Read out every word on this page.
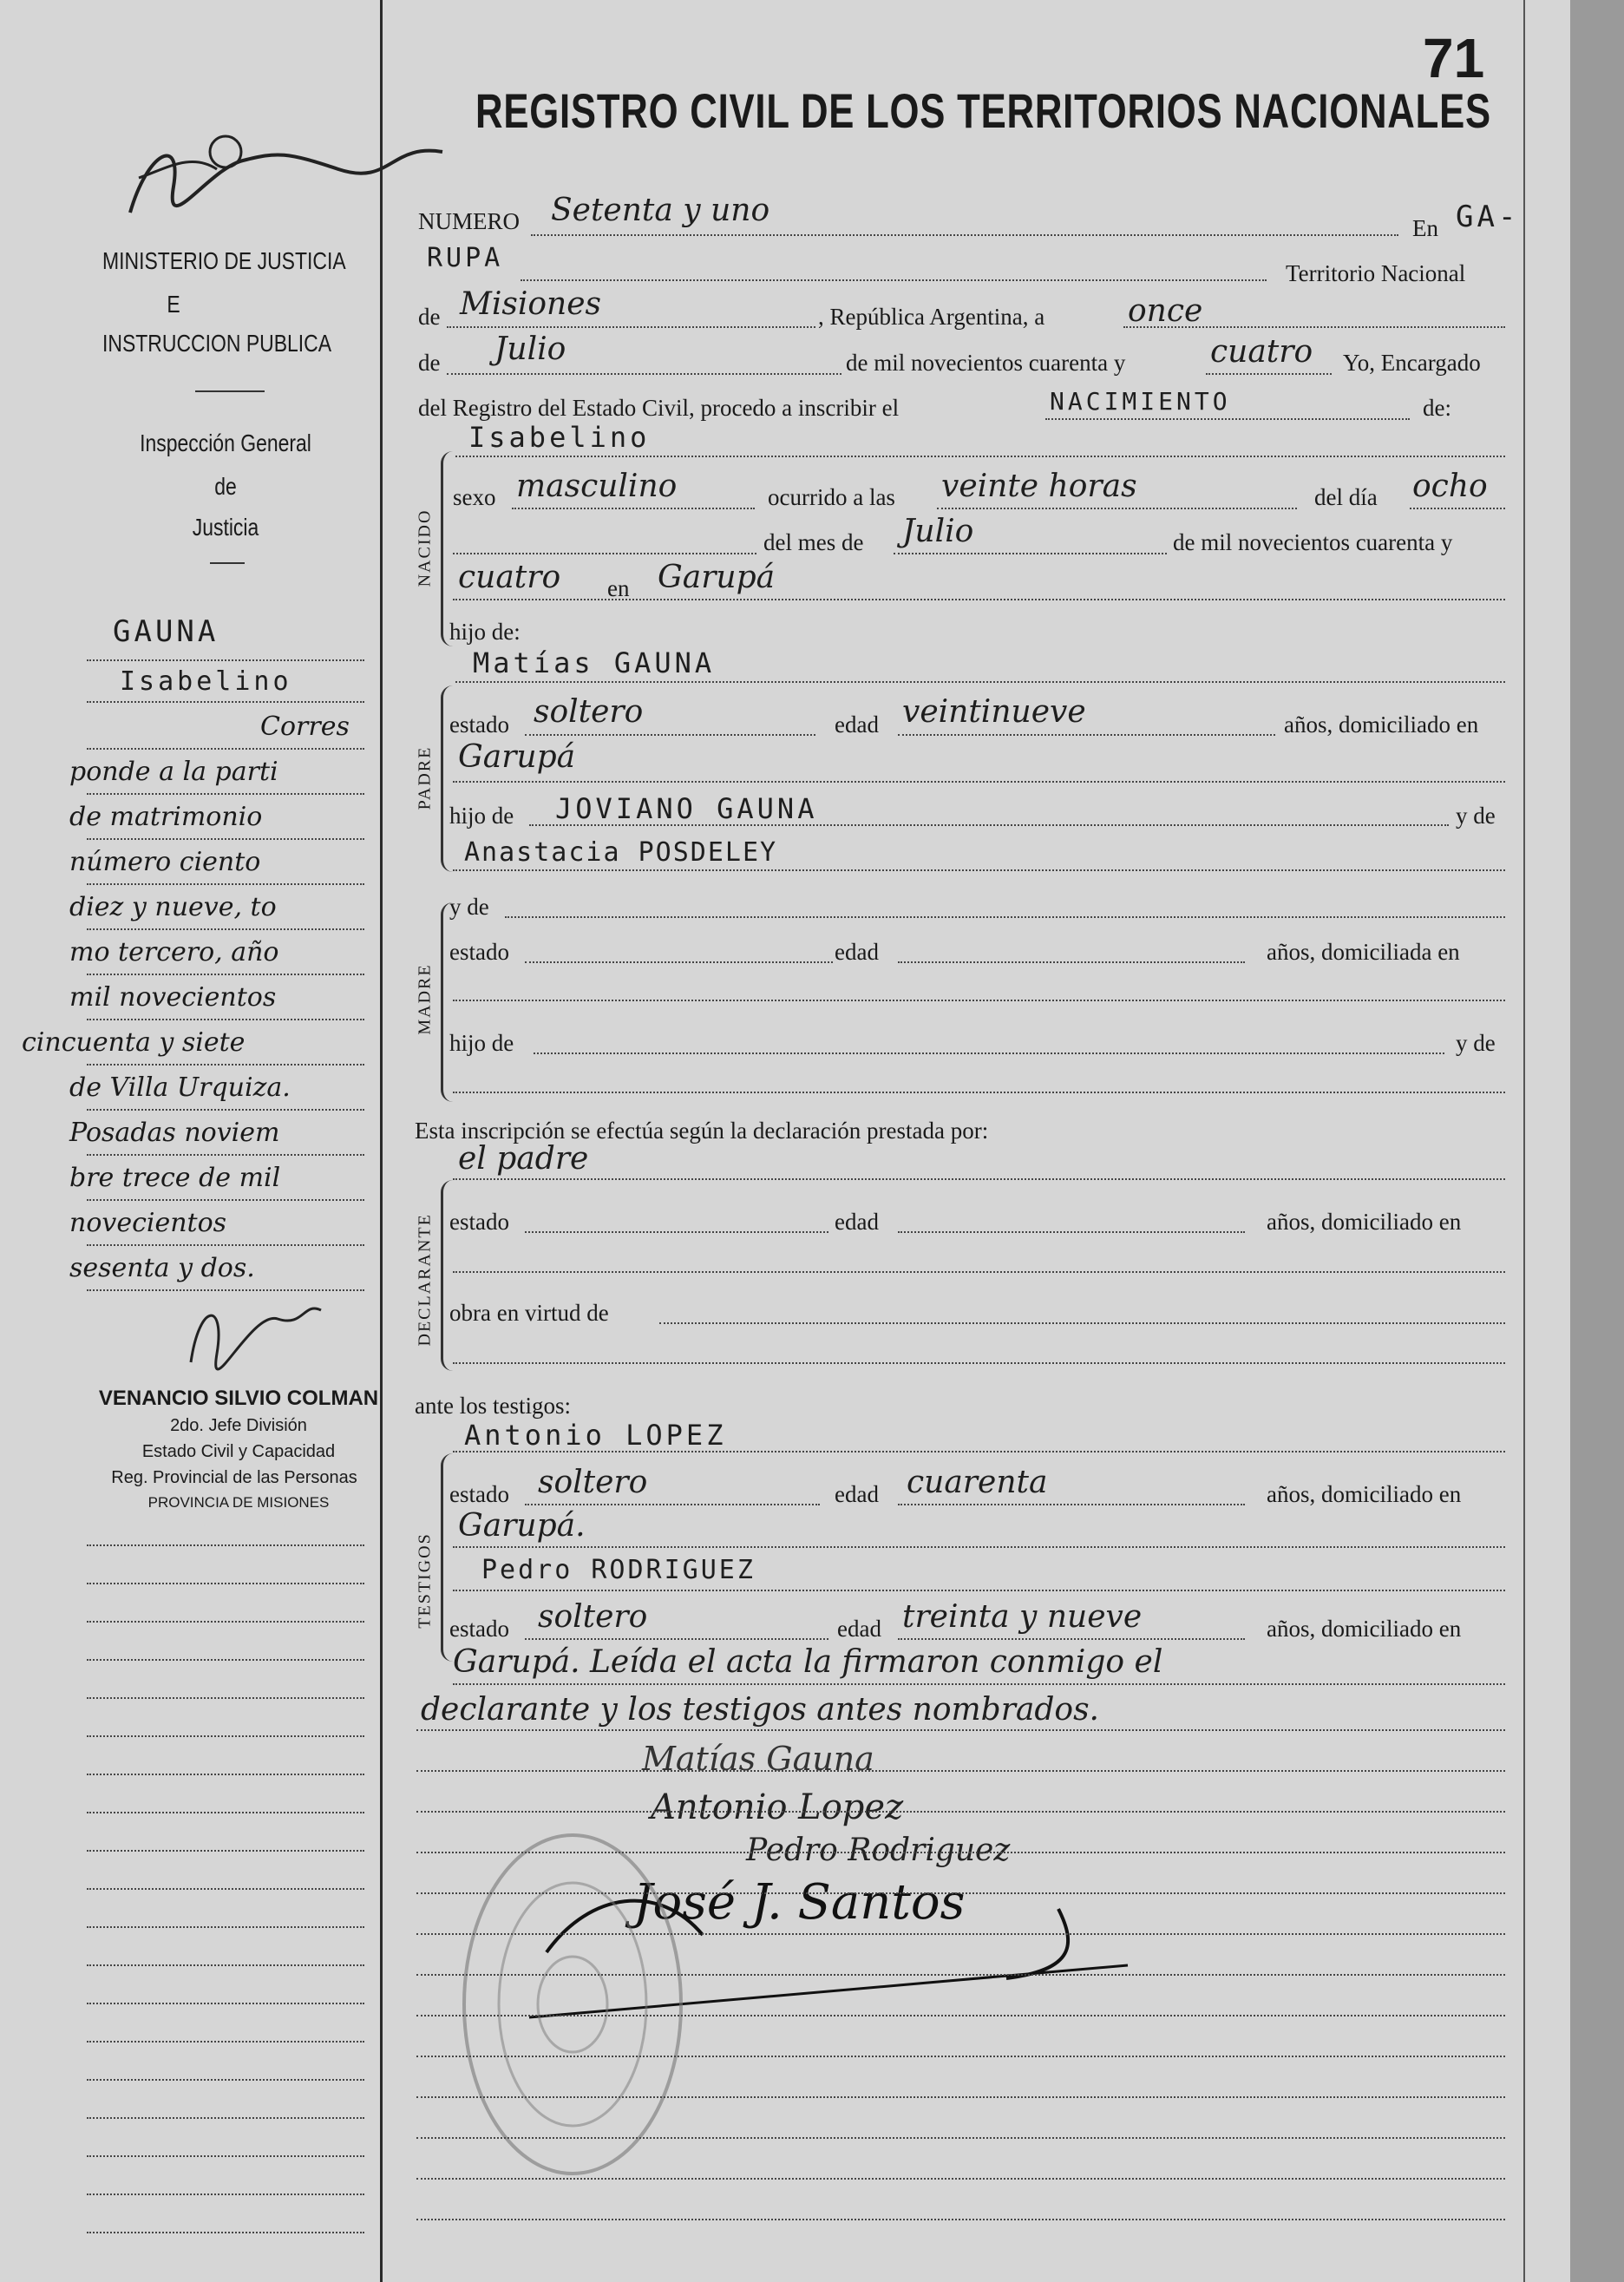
71
REGISTRO CIVIL DE LOS TERRITORIOS NACIONALES
MINISTERIO DE JUSTICIA
E
INSTRUCCION PUBLICA
Inspección General
de
Justicia
GAUNA
Isabelino
Corres
ponde a la parti
de matrimonio
número ciento
diez y nueve, to
mo tercero, año
mil novecientos
cincuenta y siete
de Villa Urquiza.
Posadas noviem
bre trece de mil
novecientos
sesenta y dos.
VENANCIO SILVIO COLMAN
2do. Jefe División
Estado Civil y Capacidad
Reg. Provincial de las Personas
PROVINCIA DE MISIONES
NUMERO Setenta y uno	En GA-
RUPA	Territorio Nacional
de Misiones	, República Argentina, a	once
de Julio	de mil novecientos cuarenta y	cuatro Yo, Encargado
del Registro del Estado Civil, procedo a inscribir el	NACIMIENTO	de:
Isabelino
NACIDO
sexo masculino	ocurrido a las veinte horas	del día ocho
del mes de Julio	de mil novecientos cuarenta y
cuatro en Garupá
hijo de:
Matías GAUNA
PADRE
estado soltero	edad veintinueve	años, domiciliado en
Garupá
hijo de JOVIANO GAUNA	y de
Anastacia POSDELEY
y de
MADRE
estado	edad	años, domiciliada en
hijo de	y de
Esta inscripción se efectúa según la declaración prestada por:
el padre
DECLARANTE estado	edad	años, domiciliado en
obra en virtud de
ante los testigos:
Antonio LOPEZ
TESTIGOS
estado soltero	edad cuarenta	años, domiciliado en
Garupá.
Pedro RODRIGUEZ
estado soltero	edad treinta y nueve	años, domiciliado en
Garupá. Leída el acta la firmaron conmigo el
declarante y los testigos antes nombrados.
Matías Gauna
Antonio Lopez
Pedro Rodriguez
José J. Santos
